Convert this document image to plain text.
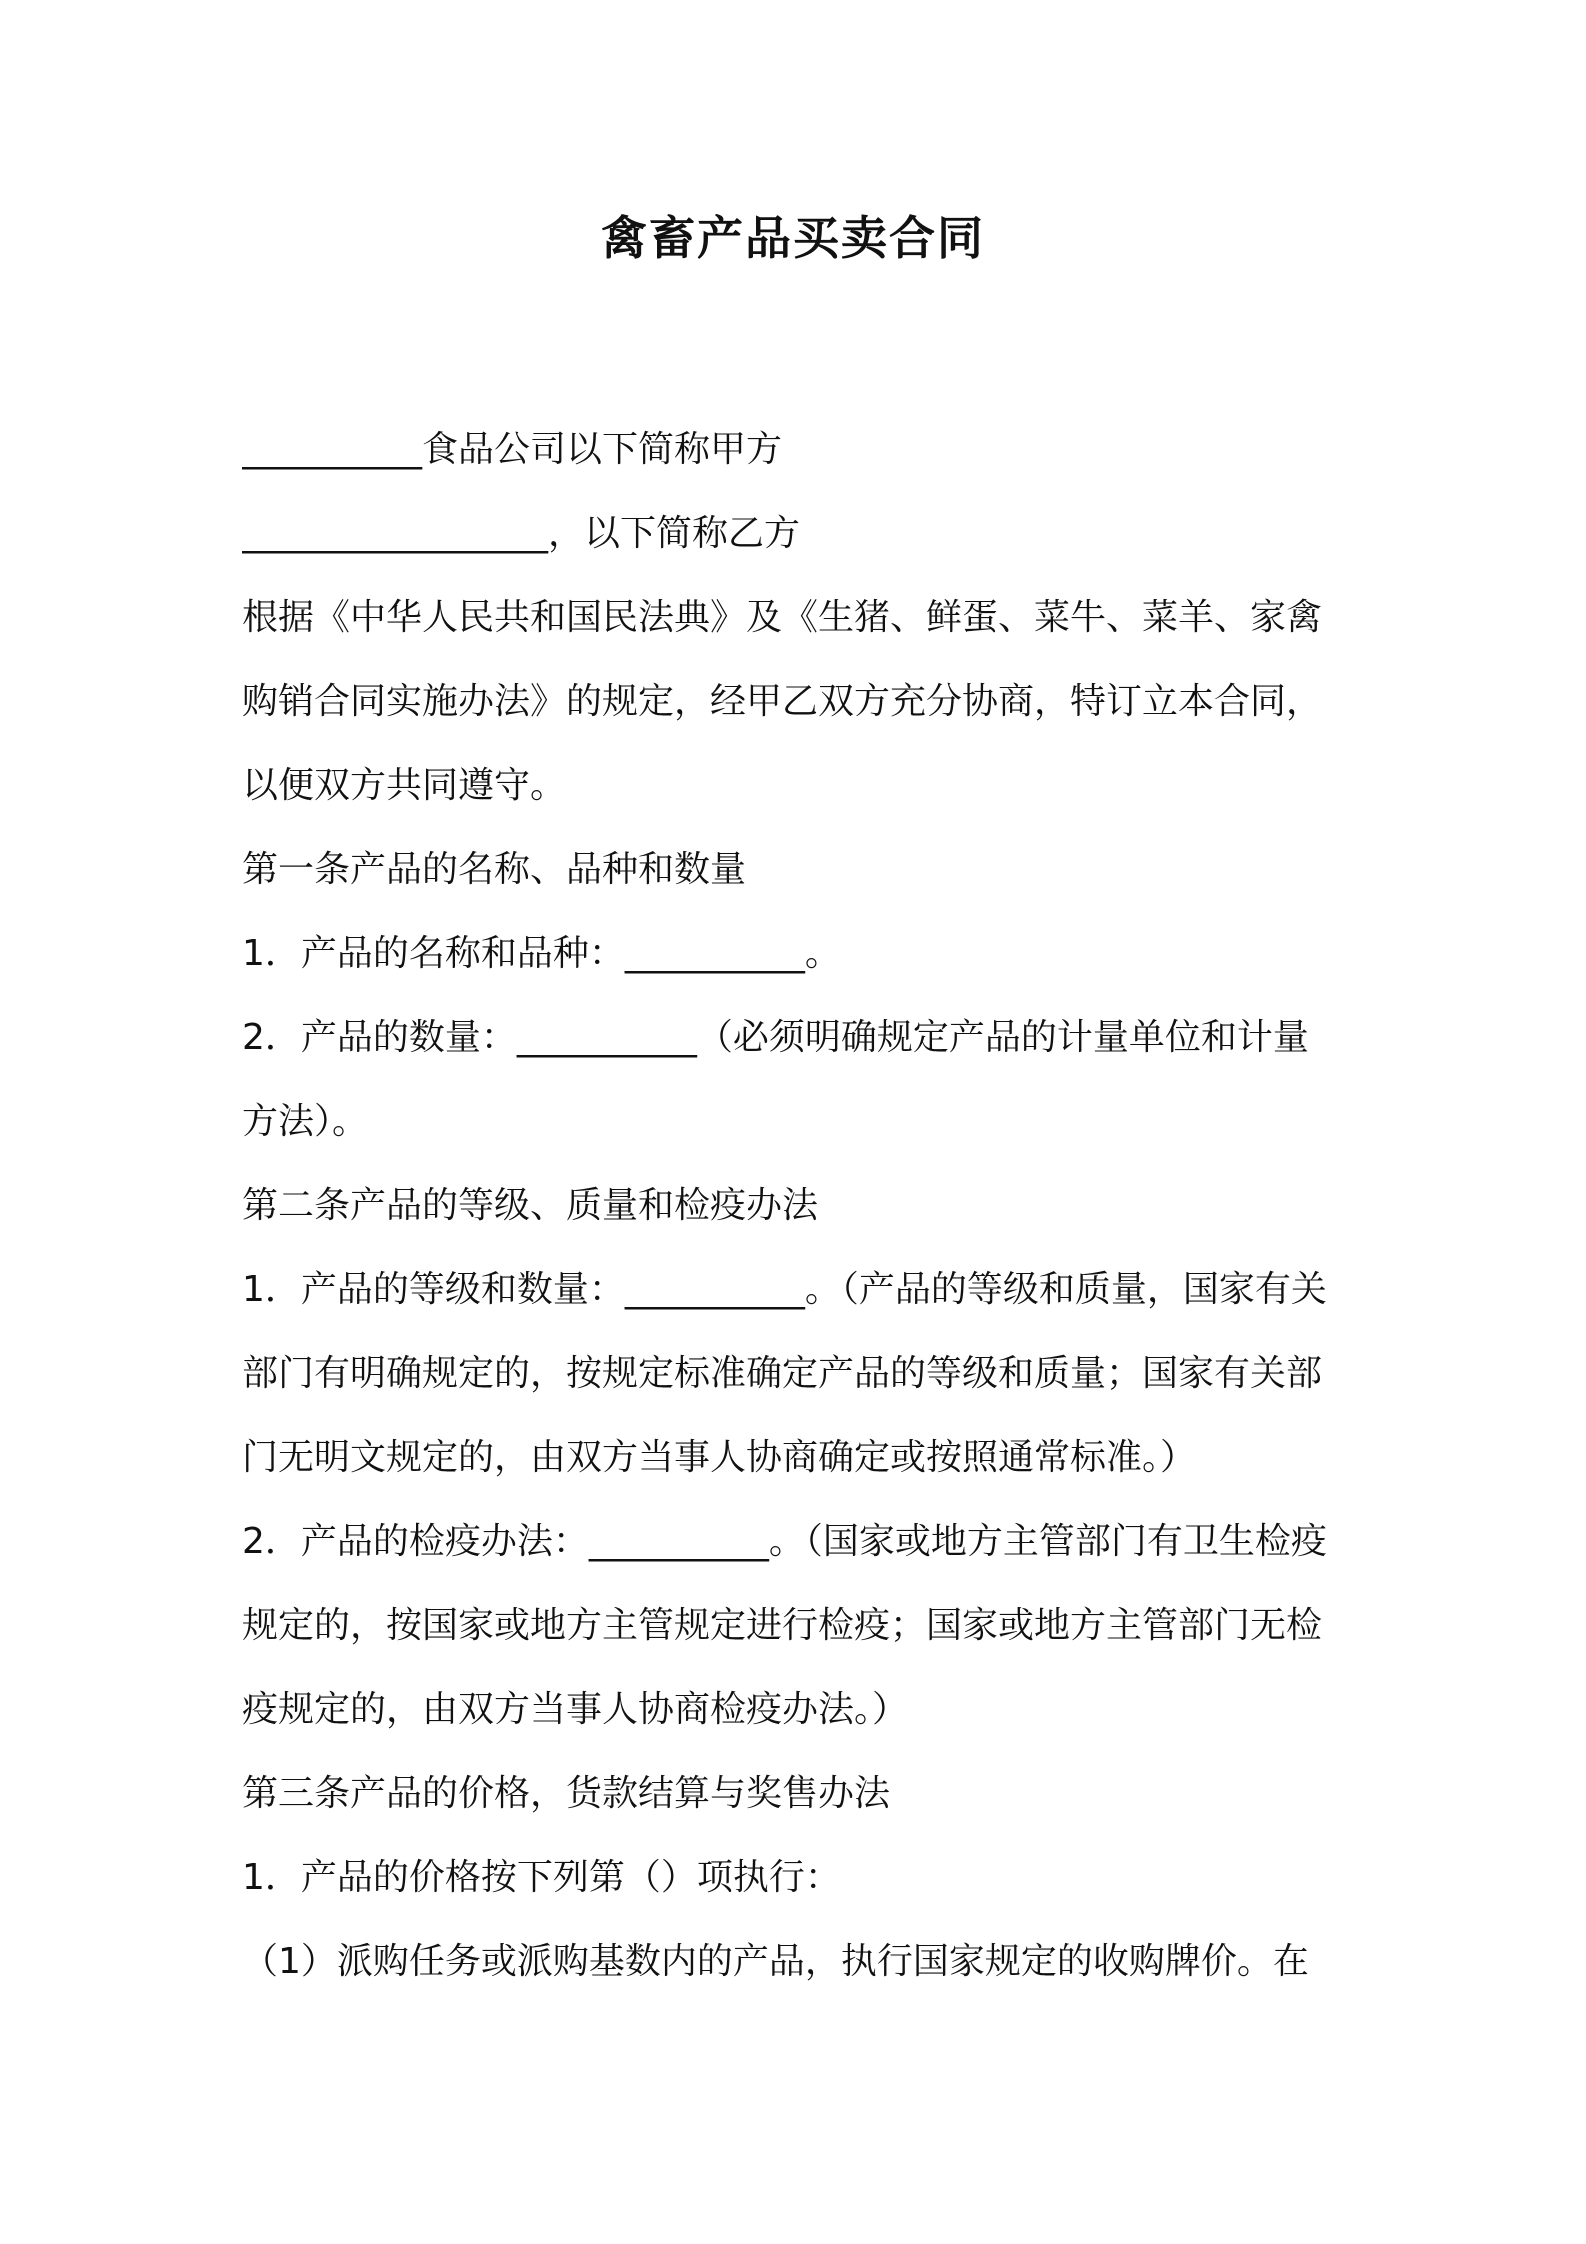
禽畜产品买卖合同
__________食品公司以下简称甲方
_________________，以下简称乙方
根据《中华人民共和国民法典》及《生猪、鲜蛋、菜牛、菜羊、家禽
购销合同实施办法》的规定，经甲乙双方充分协商，特订立本合同，
以便双方共同遵守。
第一条产品的名称、品种和数量
1．产品的名称和品种：__________。
2．产品的数量：__________（必须明确规定产品的计量单位和计量
方法）。
第二条产品的等级、质量和检疫办法
1．产品的等级和数量：__________。（产品的等级和质量，国家有关
部门有明确规定的，按规定标准确定产品的等级和质量；国家有关部
门无明文规定的，由双方当事人协商确定或按照通常标准。）
2．产品的检疫办法：__________。（国家或地方主管部门有卫生检疫
规定的，按国家或地方主管规定进行检疫；国家或地方主管部门无检
疫规定的，由双方当事人协商检疫办法。）
第三条产品的价格，货款结算与奖售办法
1．产品的价格按下列第（）项执行：
（1）派购任务或派购基数内的产品，执行国家规定的收购牌价。在
